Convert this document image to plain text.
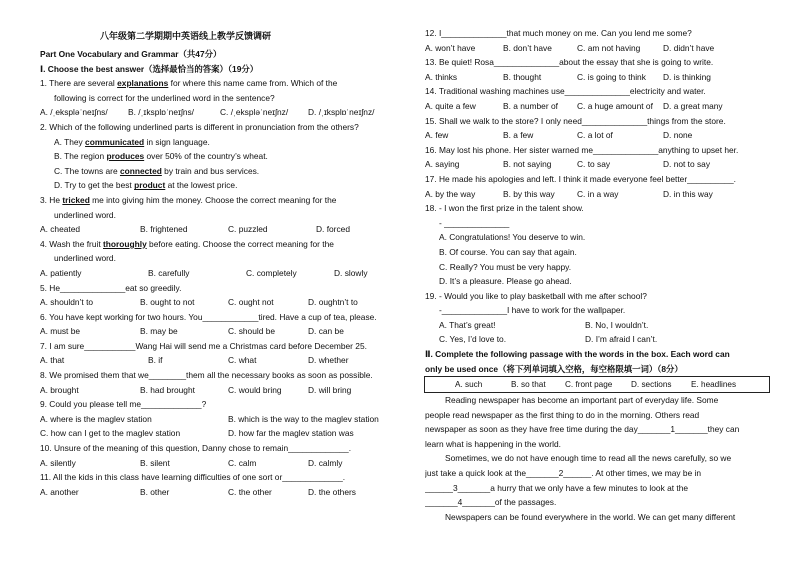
八年级第二学期期中英语线上教学反馈调研
Part One Vocabulary and Grammar（共47分）
Ⅰ. Choose the best answer（选择最恰当的答案）（19分）
1. There are several explanations for where this name came from. Which of the
following is correct for the underlined word in the sentence?
A. /ˌekspləˈneɪʃns/ B. /ˌɪksplɒˈneɪʃns/	C. /ˌekspləˈneɪʃnz/ D. /ˌɪksplɒˈneɪʃnz/
2. Which of the following underlined parts is different in pronunciation from the others?
A. They communicated in sign language.
B. The region produces over 50% of the country’s wheat.
C. The towns are connected by train and bus services.
D. Try to get the best product at the lowest price.
3. He tricked me into giving him the money. Choose the correct meaning for the
underlined word.
A. cheated	B. frightened	C. puzzled	D. forced
4. Wash the fruit thoroughly before eating. Choose the correct meaning for the
underlined word.
A. patiently	B. carefully	C. completely	D. slowly
5. He______________eat so greedily.
A. shouldn’t to	B. ought to not	C. ought not	D. oughtn’t to
6. You have kept working for two hours. You____________tired. Have a cup of tea, please.
A. must be	B. may be	C. should be	D. can be
7. I am sure___________Wang Hai will send me a Christmas card before December 25.
A. that	B. if	C. what	D. whether
8. We promised them that we________them all the necessary books as soon as possible.
A. brought	B. had brought	C. would bring	D. will bring
9. Could you please tell me_____________?
A. where is the maglev station	B. which is the way to the maglev station
C. how can I get to the maglev station	D. how far the maglev station was
10. Unsure of the meaning of this question, Danny chose to remain_____________.
A. silently	B. silent	C. calm	D. calmly
11. All the kids in this class have learning difficulties of one sort or_____________.
A. another	B. other	C. the other	D. the others
12. I______________that much money on me. Can you lend me some?
A. won’t have	B. don’t have	C. am not having	D. didn’t have
13. Be quiet! Rosa______________about the essay that she is going to write.
A. thinks	B. thought	C. is going to think D. is thinking
14. Traditional washing machines use______________electricity and water.
A. quite a few	B. a number of C. a huge amount of D. a great many
15. Shall we walk to the store? I only need______________things from the store.
A. few	B. a few	C. a lot of	D. none
16. May lost his phone. Her sister warned me______________anything to upset her.
A. saying	B. not saying	C. to say	D. not to say
17. He made his apologies and left. I think it made everyone feel better__________.
A. by the way	B. by this way	C. in a way	D. in this way
18. - I won the first prize in the talent show.
- ______________
A. Congratulations! You deserve to win.
B. Of course. You can say that again.
C. Really? You must be very happy.
D. It’s a pleasure. Please go ahead.
19. - Would you like to play basketball with me after school?
-______________I have to work for the wallpaper.
A. That’s great!	B. No, I wouldn’t.
C. Yes, I’d love to.	D. I’m afraid I can’t.
Ⅱ. Complete the following passage with the words in the box. Each word can
only be used once（将下列单词填入空格，每空格限填一词）（8分）
A. such	B. so that C. front page D. sections E. headlines
Reading newspaper has become an important part of everyday life. Some
people read newspaper as the first thing to do in the morning. Others read
newspaper as soon as they have free time during the day_______1_______they can
learn what is happening in the world.
Sometimes, we do not have enough time to read all the news carefully, so we
just take a quick look at the_______2______. At other times, we may be in
______3_______a hurry that we only have a few minutes to look at the
_______4_______of the passages.
Newspapers can be found everywhere in the world. We can get many different
